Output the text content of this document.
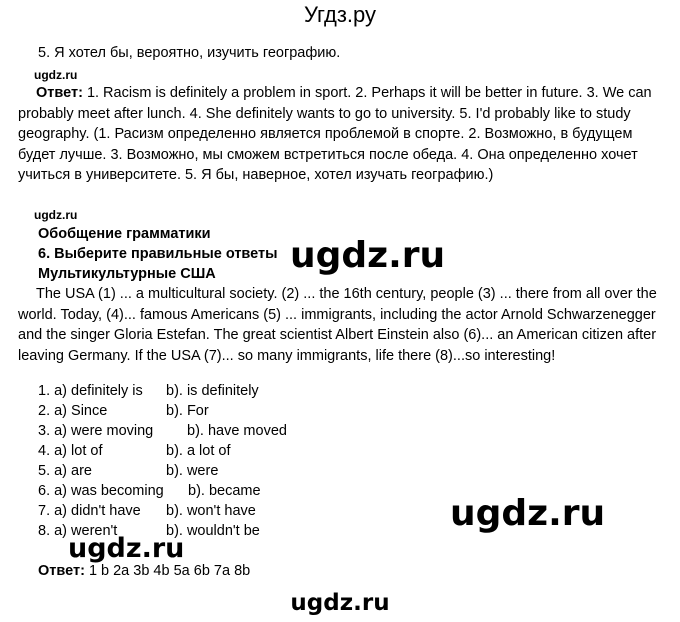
Угдз.ру
5. Я хотел бы, вероятно, изучить географию.
ugdz.ru
Ответ: 1. Racism is definitely a problem in sport. 2. Perhaps it will be better in future. 3. We can probably meet after lunch. 4. She definitely wants to go to university. 5. I'd probably like to study geography. (1. Расизм определенно является проблемой в спорте. 2. Возможно, в будущем будет лучше. 3. Возможно, мы сможем встретиться после обеда. 4. Она определенно хочет учиться в университете. 5. Я бы, наверное, хотел изучать географию.)
ugdz.ru
Обобщение грамматики
6. Выберите правильные ответы
Мультикультурные США ugdz.ru
The USA (1) ... a multicultural society. (2) ... the 16th century, people (3) ... there from all over the world. Today, (4)... famous Americans (5) ... immigrants, including the actor Arnold Schwarzenegger and the singer Gloria Estefan. The great scientist Albert Einstein also (6)... an American citizen after leaving Germany. If the USA (7)... so many immigrants, life there (8)...so interesting!
1. a) definitely is b). is definitely
2. a) Since	b). For
3. a) were moving b). have moved
4. a) lot of	b). a lot of
5. a) are	b). were
6. a) was becoming b). became
7. a) didn't have b). won't have
8. a) weren't	b). wouldn't be	ugdz.ru
ugdz.ru
Ответ: 1 b 2a 3b 4b 5a 6b 7a 8b
ugdz.ru
